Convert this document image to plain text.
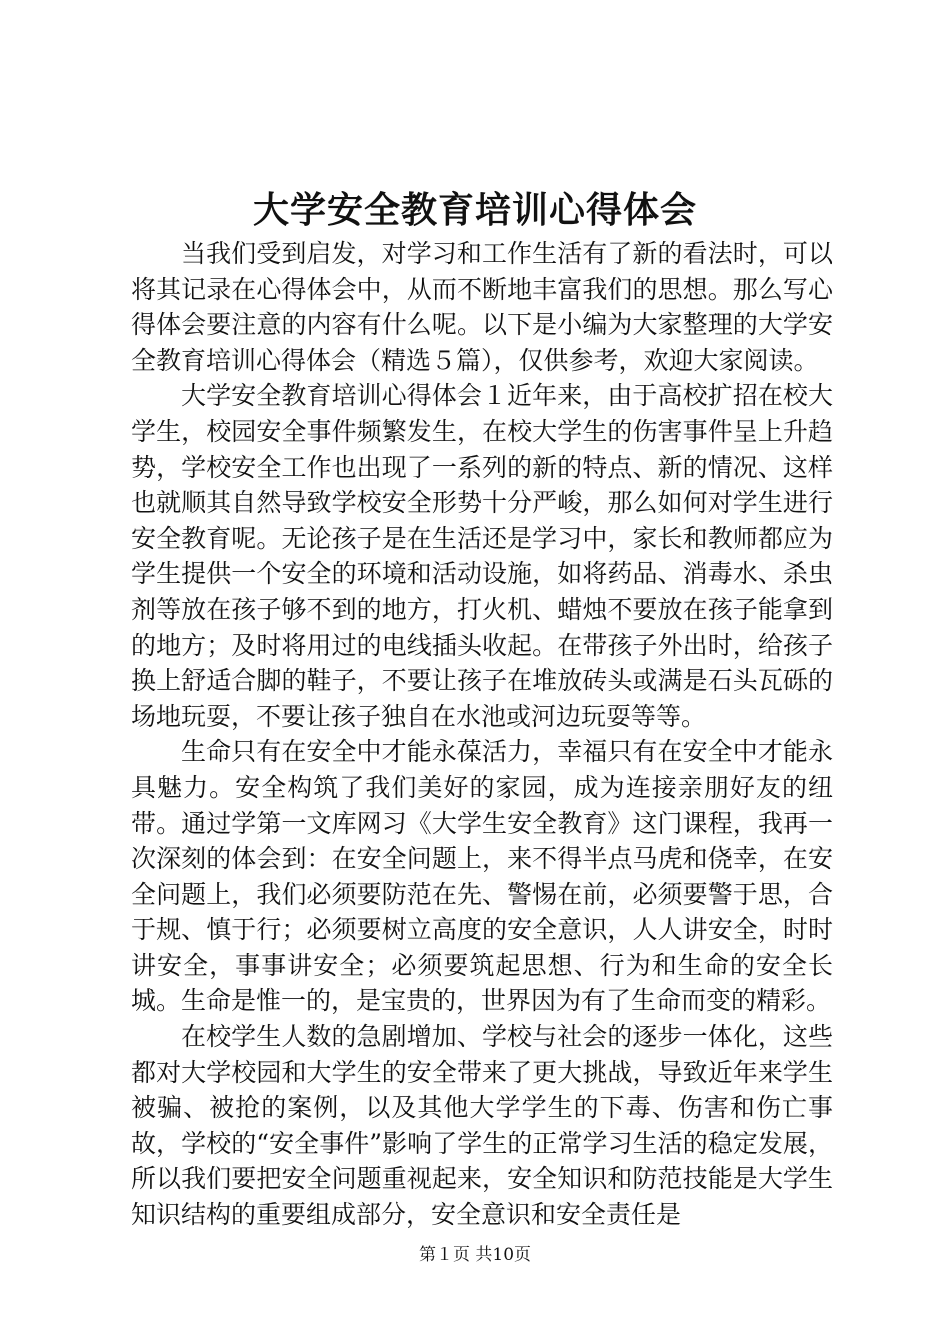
大学安全教育培训心得体会

当我们受到启发，对学习和工作生活有了新的看法时，可以将其记录在心得体会中，从而不断地丰富我们的思想。那么写心得体会要注意的内容有什么呢。以下是小编为大家整理的大学安全教育培训心得体会（精选５篇），仅供参考，欢迎大家阅读。

大学安全教育培训心得体会１近年来，由于高校扩招在校大学生，校园安全事件频繁发生，在校大学生的伤害事件呈上升趋势，学校安全工作也出现了一系列的新的特点、新的情况、这样也就顺其自然导致学校安全形势十分严峻，那么如何对学生进行安全教育呢。无论孩子是在生活还是学习中，家长和教师都应为学生提供一个安全的环境和活动设施，如将药品、消毒水、杀虫剂等放在孩子够不到的地方，打火机、蜡烛不要放在孩子能拿到的地方；及时将用过的电线插头收起。在带孩子外出时，给孩子换上舒适合脚的鞋子，不要让孩子在堆放砖头或满是石头瓦砾的场地玩耍，不要让孩子独自在水池或河边玩耍等等。

生命只有在安全中才能永葆活力，幸福只有在安全中才能永具魅力。安全构筑了我们美好的家园，成为连接亲朋好友的纽带。通过学第一文库网习《大学生安全教育》这门课程，我再一次深刻的体会到：在安全问题上，来不得半点马虎和侥幸，在安全问题上，我们必须要防范在先、警惕在前，必须要警于思，合于规、慎于行；必须要树立高度的安全意识，人人讲安全，时时讲安全，事事讲安全；必须要筑起思想、行为和生命的安全长城。生命是惟一的，是宝贵的，世界因为有了生命而变的精彩。

在校学生人数的急剧增加、学校与社会的逐步一体化，这些都对大学校园和大学生的安全带来了更大挑战，导致近年来学生被骗、被抢的案例，以及其他大学学生的下毒、伤害和伤亡事故，学校的“安全事件”影响了学生的正常学习生活的稳定发展，所以我们要把安全问题重视起来，安全知识和防范技能是大学生知识结构的重要组成部分，安全意识和安全责任是

第１页 共10页
